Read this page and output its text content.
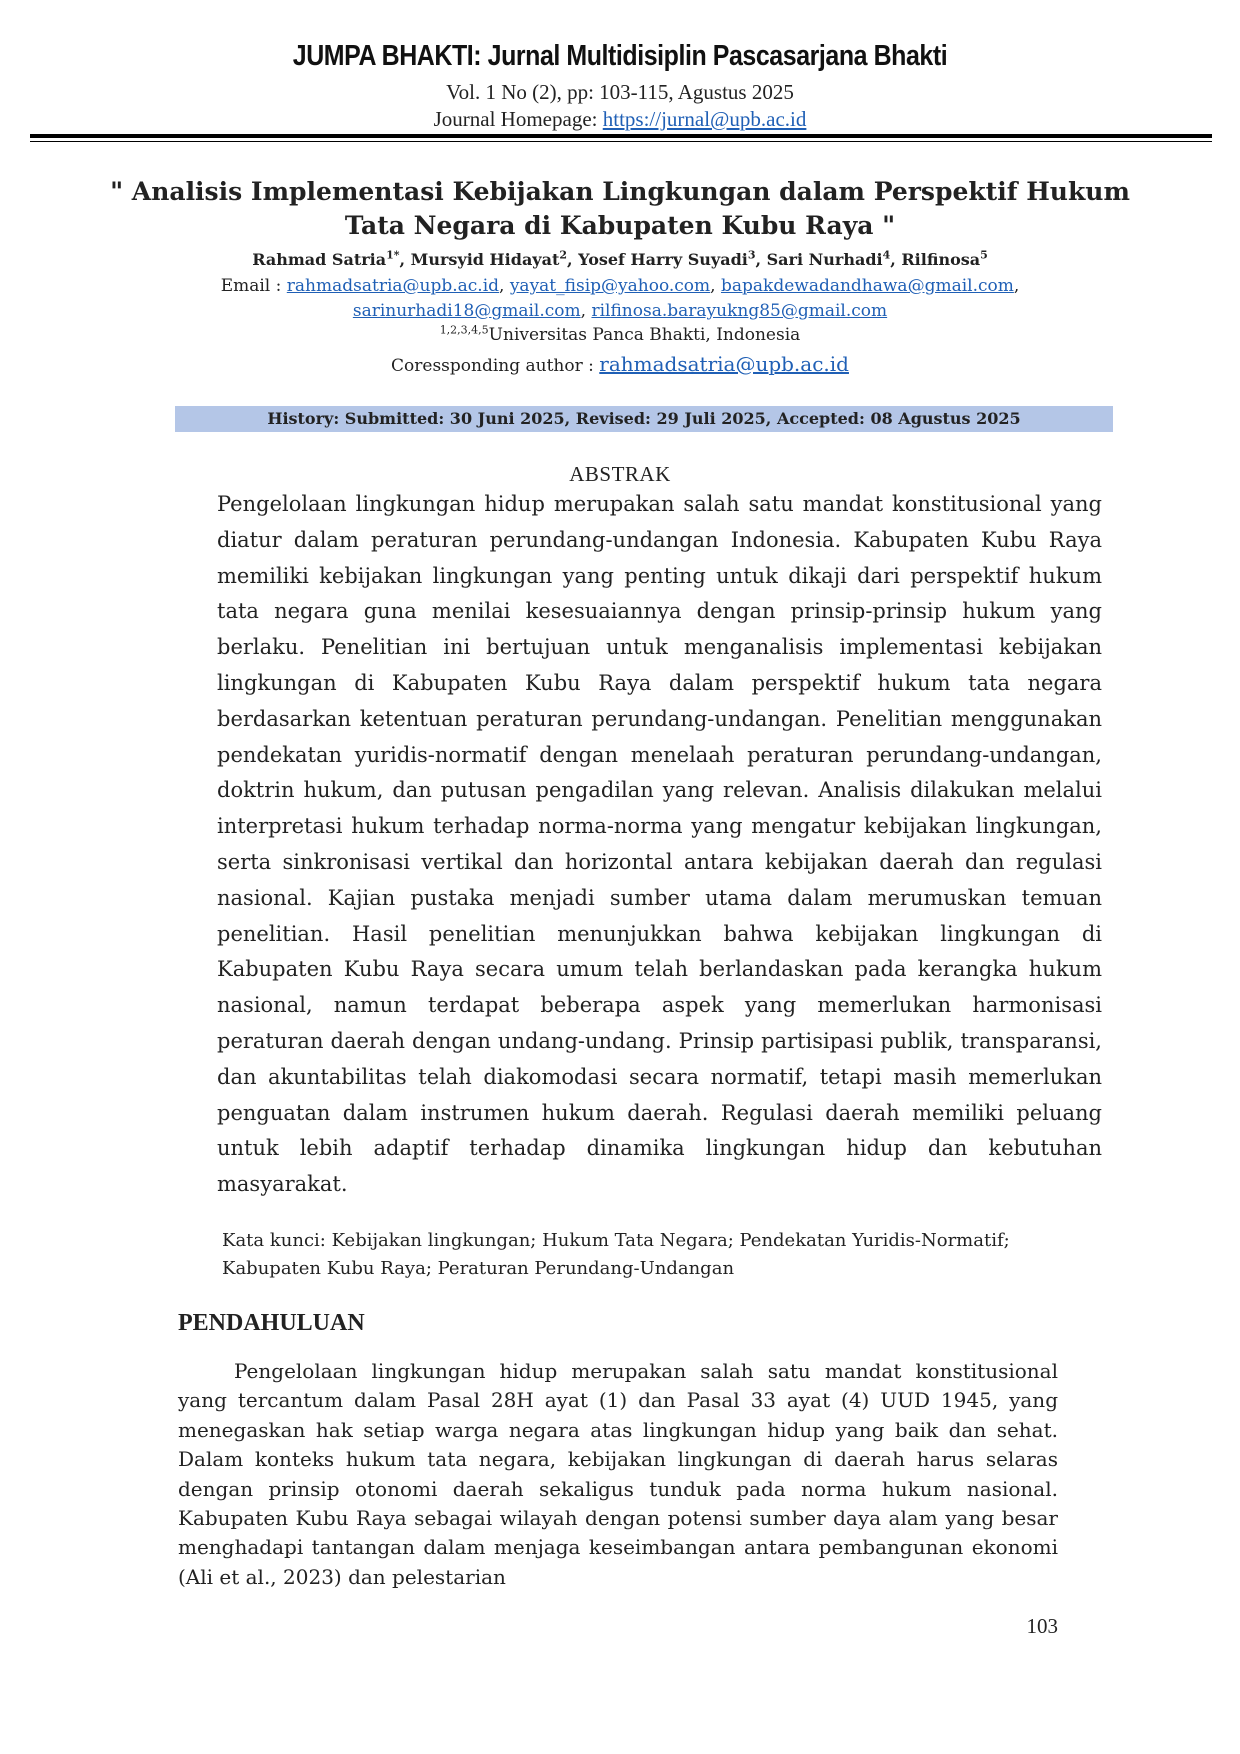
JUMPA BHAKTI: Jurnal Multidisiplin Pascasarjana Bhakti
Vol. 1 No (2), pp: 103-115, Agustus 2025
Journal Homepage: https://jurnal@upb.ac.id
" Analisis Implementasi Kebijakan Lingkungan dalam Perspektif Hukum Tata Negara di Kabupaten Kubu Raya "
Rahmad Satria$^{1*}$, Mursyid Hidayat$^2$, Yosef Harry Suyadi$^3$, Sari Nurhadi$^4$, Rilfinosa$^5$
Email : rahmadsatria@upb.ac.id, yayat_fisip@yahoo.com, bapakdewadandhawa@gmail.com,
sarinurhadi18@gmail.com, rilfinosa.barayukng85@gmail.com
$^{1,2,3,4,5}$Universitas Panca Bhakti, Indonesia
Coressponding author : rahmadsatria@upb.ac.id
History: Submitted: 30 Juni 2025, Revised: 29 Juli 2025, Accepted: 08 Agustus 2025
ABSTRAK
Pengelolaan lingkungan hidup merupakan salah satu mandat konstitusional yang diatur dalam peraturan perundang-undangan Indonesia. Kabupaten Kubu Raya memiliki kebijakan lingkungan yang penting untuk dikaji dari perspektif hukum tata negara guna menilai kesesuaiannya dengan prinsip-prinsip hukum yang berlaku. Penelitian ini bertujuan untuk menganalisis implementasi kebijakan lingkungan di Kabupaten Kubu Raya dalam perspektif hukum tata negara berdasarkan ketentuan peraturan perundang-undangan. Penelitian menggunakan pendekatan yuridis-normatif dengan menelaah peraturan perundang-undangan, doktrin hukum, dan putusan pengadilan yang relevan. Analisis dilakukan melalui interpretasi hukum terhadap norma-norma yang mengatur kebijakan lingkungan, serta sinkronisasi vertikal dan horizontal antara kebijakan daerah dan regulasi nasional. Kajian pustaka menjadi sumber utama dalam merumuskan temuan penelitian. Hasil penelitian menunjukkan bahwa kebijakan lingkungan di Kabupaten Kubu Raya secara umum telah berlandaskan pada kerangka hukum nasional, namun terdapat beberapa aspek yang memerlukan harmonisasi peraturan daerah dengan undang-undang. Prinsip partisipasi publik, transparansi, dan akuntabilitas telah diakomodasi secara normatif, tetapi masih memerlukan penguatan dalam instrumen hukum daerah. Regulasi daerah memiliki peluang untuk lebih adaptif terhadap dinamika lingkungan hidup dan kebutuhan masyarakat.
Kata kunci: Kebijakan lingkungan; Hukum Tata Negara; Pendekatan Yuridis-Normatif; Kabupaten Kubu Raya; Peraturan Perundang-Undangan
PENDAHULUAN
Pengelolaan lingkungan hidup merupakan salah satu mandat konstitusional yang tercantum dalam Pasal 28H ayat (1) dan Pasal 33 ayat (4) UUD 1945, yang menegaskan hak setiap warga negara atas lingkungan hidup yang baik dan sehat. Dalam konteks hukum tata negara, kebijakan lingkungan di daerah harus selaras dengan prinsip otonomi daerah sekaligus tunduk pada norma hukum nasional. Kabupaten Kubu Raya sebagai wilayah dengan potensi sumber daya alam yang besar menghadapi tantangan dalam menjaga keseimbangan antara pembangunan ekonomi (Ali et al., 2023) dan pelestarian
103
